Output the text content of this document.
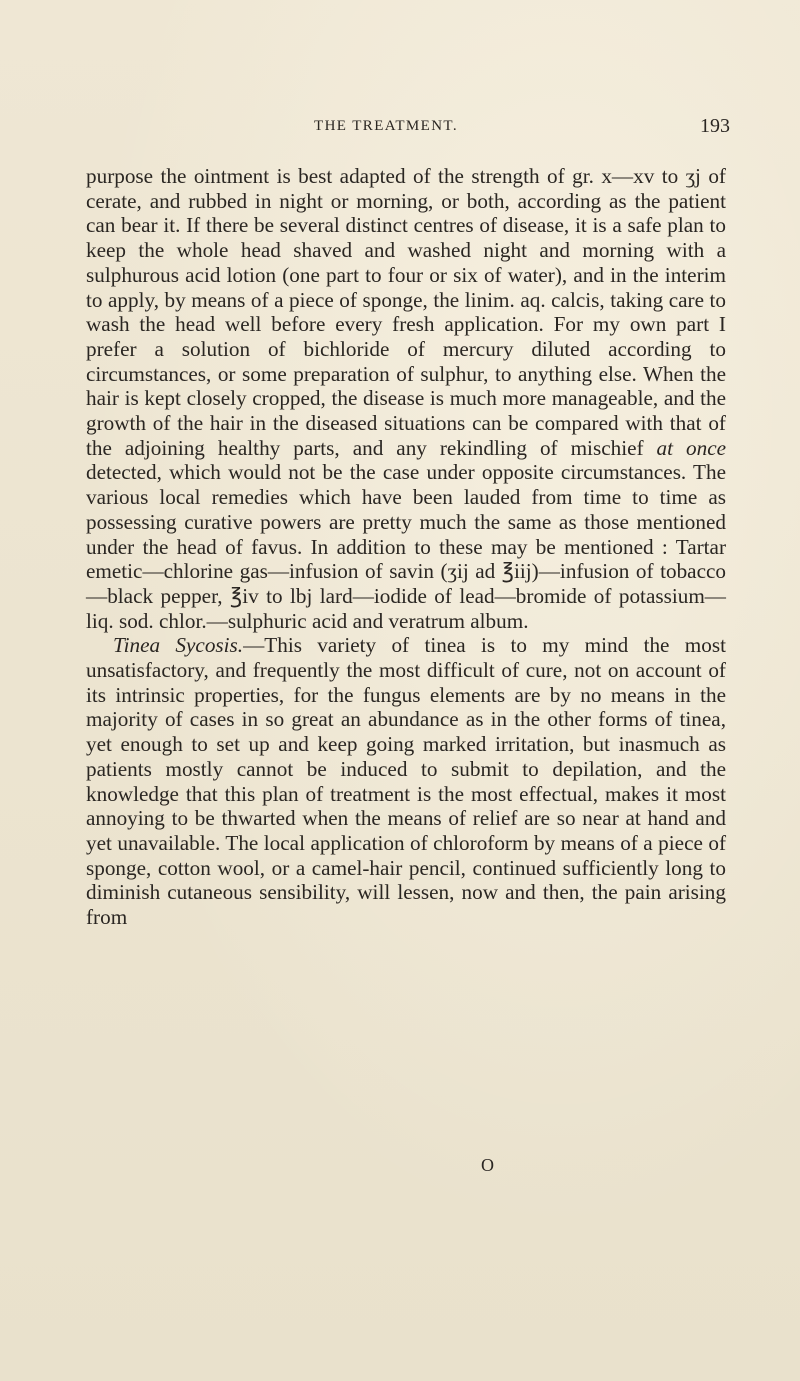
THE TREATMENT.	193

purpose the ointment is best adapted of the strength of gr. x—xv to ʒj of cerate, and rubbed in night or morning, or both, according as the patient can bear it. If there be several distinct centres of disease, it is a safe plan to keep the whole head shaved and washed night and morning with a sulphurous acid lotion (one part to four or six of water), and in the interim to apply, by means of a piece of sponge, the linim. aq. calcis, taking care to wash the head well before every fresh application. For my own part I prefer a solution of bichloride of mercury diluted according to circumstances, or some preparation of sulphur, to anything else. When the hair is kept closely cropped, the disease is much more manageable, and the growth of the hair in the diseased situations can be compared with that of the adjoining healthy parts, and any rekindling of mischief at once detected, which would not be the case under opposite circumstances. The various local remedies which have been lauded from time to time as possessing curative powers are pretty much the same as those mentioned under the head of favus. In addition to these may be mentioned : Tartar emetic—chlorine gas—infusion of savin (ʒij ad ℥iij)—infusion of tobacco—black pepper, ℥iv to lbj lard—iodide of lead—bromide of potassium—liq. sod. chlor.—sulphuric acid and veratrum album.

Tinea Sycosis.—This variety of tinea is to my mind the most unsatisfactory, and frequently the most difficult of cure, not on account of its intrinsic properties, for the fungus elements are by no means in the majority of cases in so great an abundance as in the other forms of tinea, yet enough to set up and keep going marked irritation, but inasmuch as patients mostly cannot be induced to submit to depilation, and the knowledge that this plan of treatment is the most effectual, makes it most annoying to be thwarted when the means of relief are so near at hand and yet unavailable. The local application of chloroform by means of a piece of sponge, cotton wool, or a camel-hair pencil, continued sufficiently long to diminish cutaneous sensibility, will lessen, now and then, the pain arising from

O
